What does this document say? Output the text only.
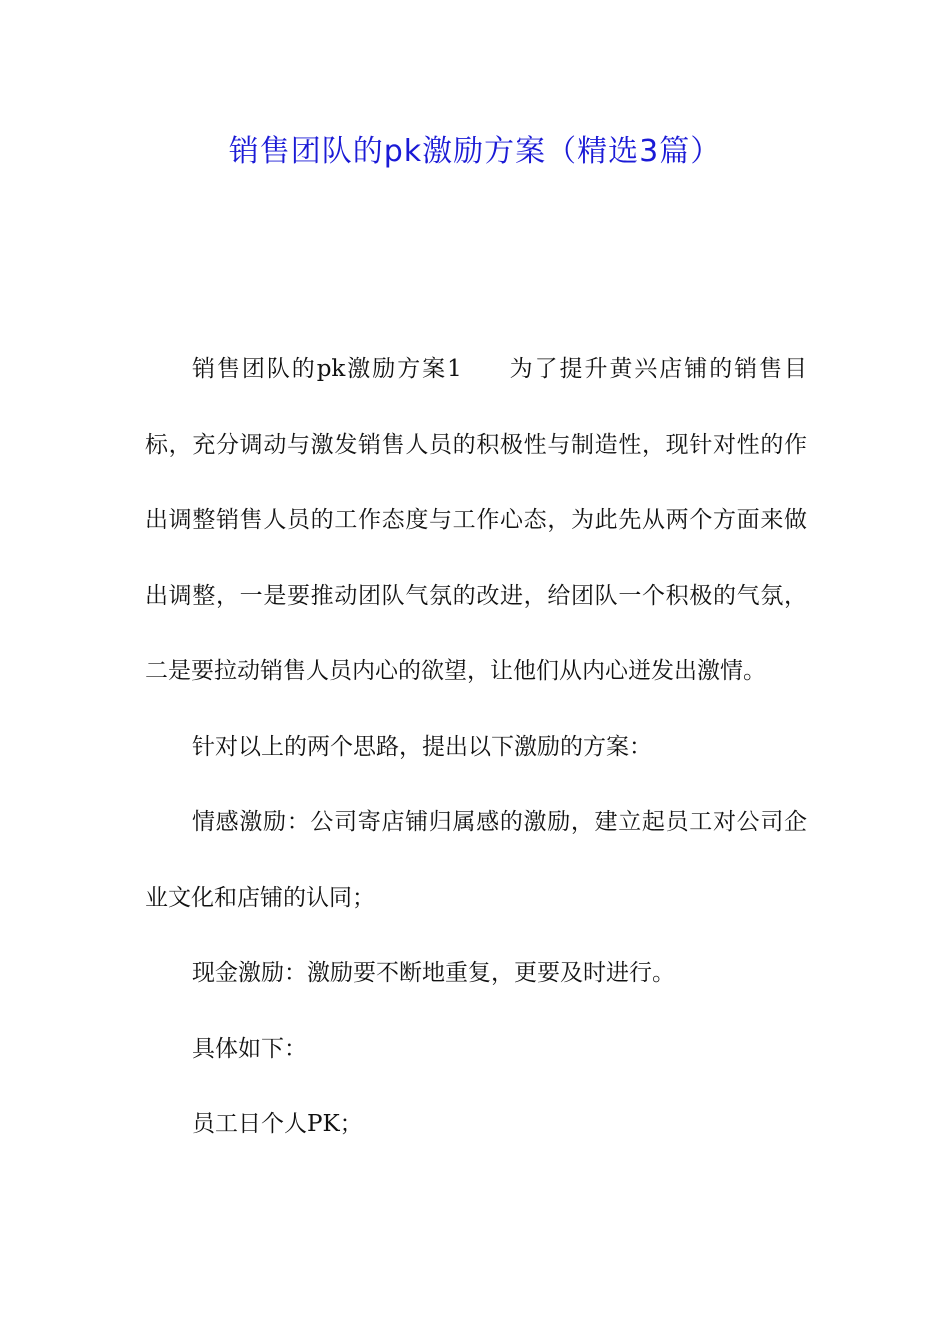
销售团队的pk激励方案（精选3篇）

销售团队的pk激励方案1 为了提升黄兴店铺的销售目标，充分调动与激发销售人员的积极性与制造性，现针对性的作出调整销售人员的工作态度与工作心态，为此先从两个方面来做出调整，一是要推动团队气氛的改进，给团队一个积极的气氛，二是要拉动销售人员内心的欲望，让他们从内心迸发出激情。

针对以上的两个思路，提出以下激励的方案：

情感激励：公司寄店铺归属感的激励，建立起员工对公司企业文化和店铺的认同；

现金激励：激励要不断地重复，更要及时进行。

具体如下：

员工日个人PK；
